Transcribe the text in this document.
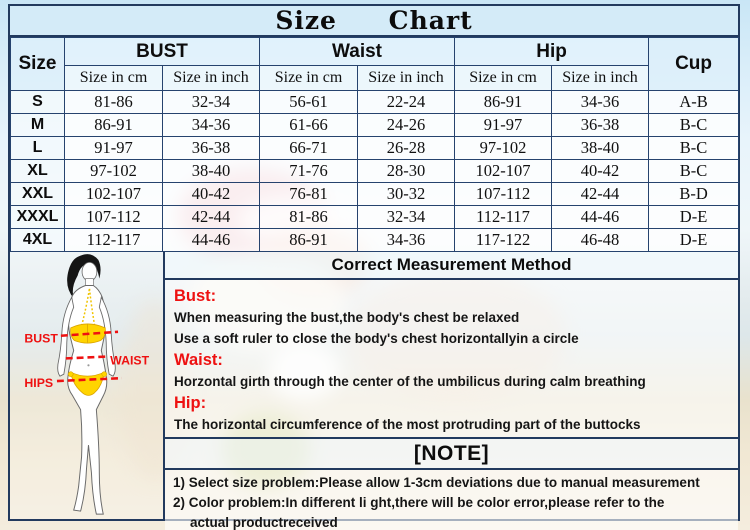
Size Chart
Size	BUST		Waist		Hip		Cup
	Size in cm	Size in inch	Size in cm	Size in inch	Size in cm	Size in inch	
S	81-86	32-34	56-61	22-24	86-91	34-36	A-B
M	86-91	34-36	61-66	24-26	91-97	36-38	B-C
L	91-97	36-38	66-71	26-28	97-102	38-40	B-C
XL	97-102	38-40	71-76	28-30	102-107	40-42	B-C
XXL	102-107	40-42	76-81	30-32	107-112	42-44	B-D
XXXL	107-112	42-44	81-86	32-34	112-117	44-46	D-E
4XL	112-117	44-46	86-91	34-36	117-122	46-48	D-E
BUST
WAIST
HIPS
Correct Measurement Method
Bust:
When measuring the bust,the body's chest be relaxed
Use a soft ruler to close the body's chest horizontallyin a circle
Waist:
Horzontal girth through the center of the umbilicus during calm breathing
Hip:
The horizontal circumference of the most protruding part of the buttocks
[NOTE]
1) Select size problem:Please allow 1-3cm deviations due to manual measurement
2) Color problem:In different li ght,there will be color error,please refer to the
actual productreceived
